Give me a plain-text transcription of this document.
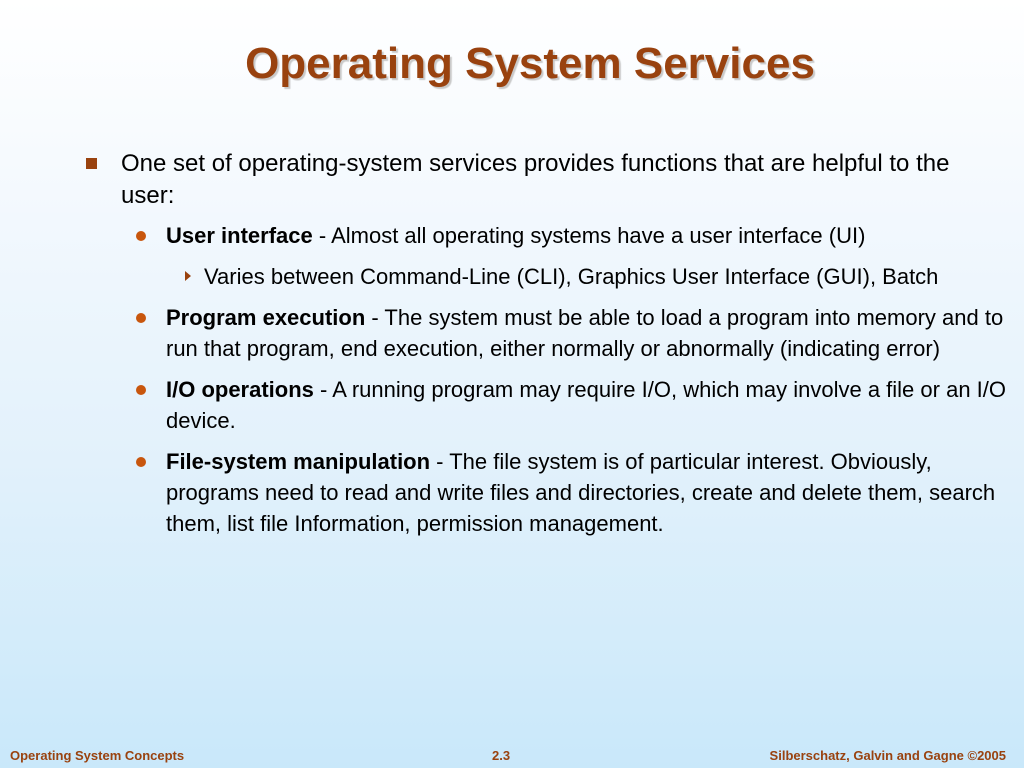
Operating System Services
One set of operating-system services provides functions that are helpful to the user:
User interface - Almost all operating systems have a user interface (UI)
Varies between Command-Line (CLI), Graphics User Interface (GUI), Batch
Program execution - The system must be able to load a program into memory and to run that program, end execution, either normally or abnormally (indicating error)
I/O operations - A running program may require I/O, which may involve a file or an I/O device.
File-system manipulation - The file system is of particular interest. Obviously, programs need to read and write files and directories, create and delete them, search them, list file Information, permission management.
Operating System Concepts	2.3	Silberschatz, Galvin and Gagne ©2005
